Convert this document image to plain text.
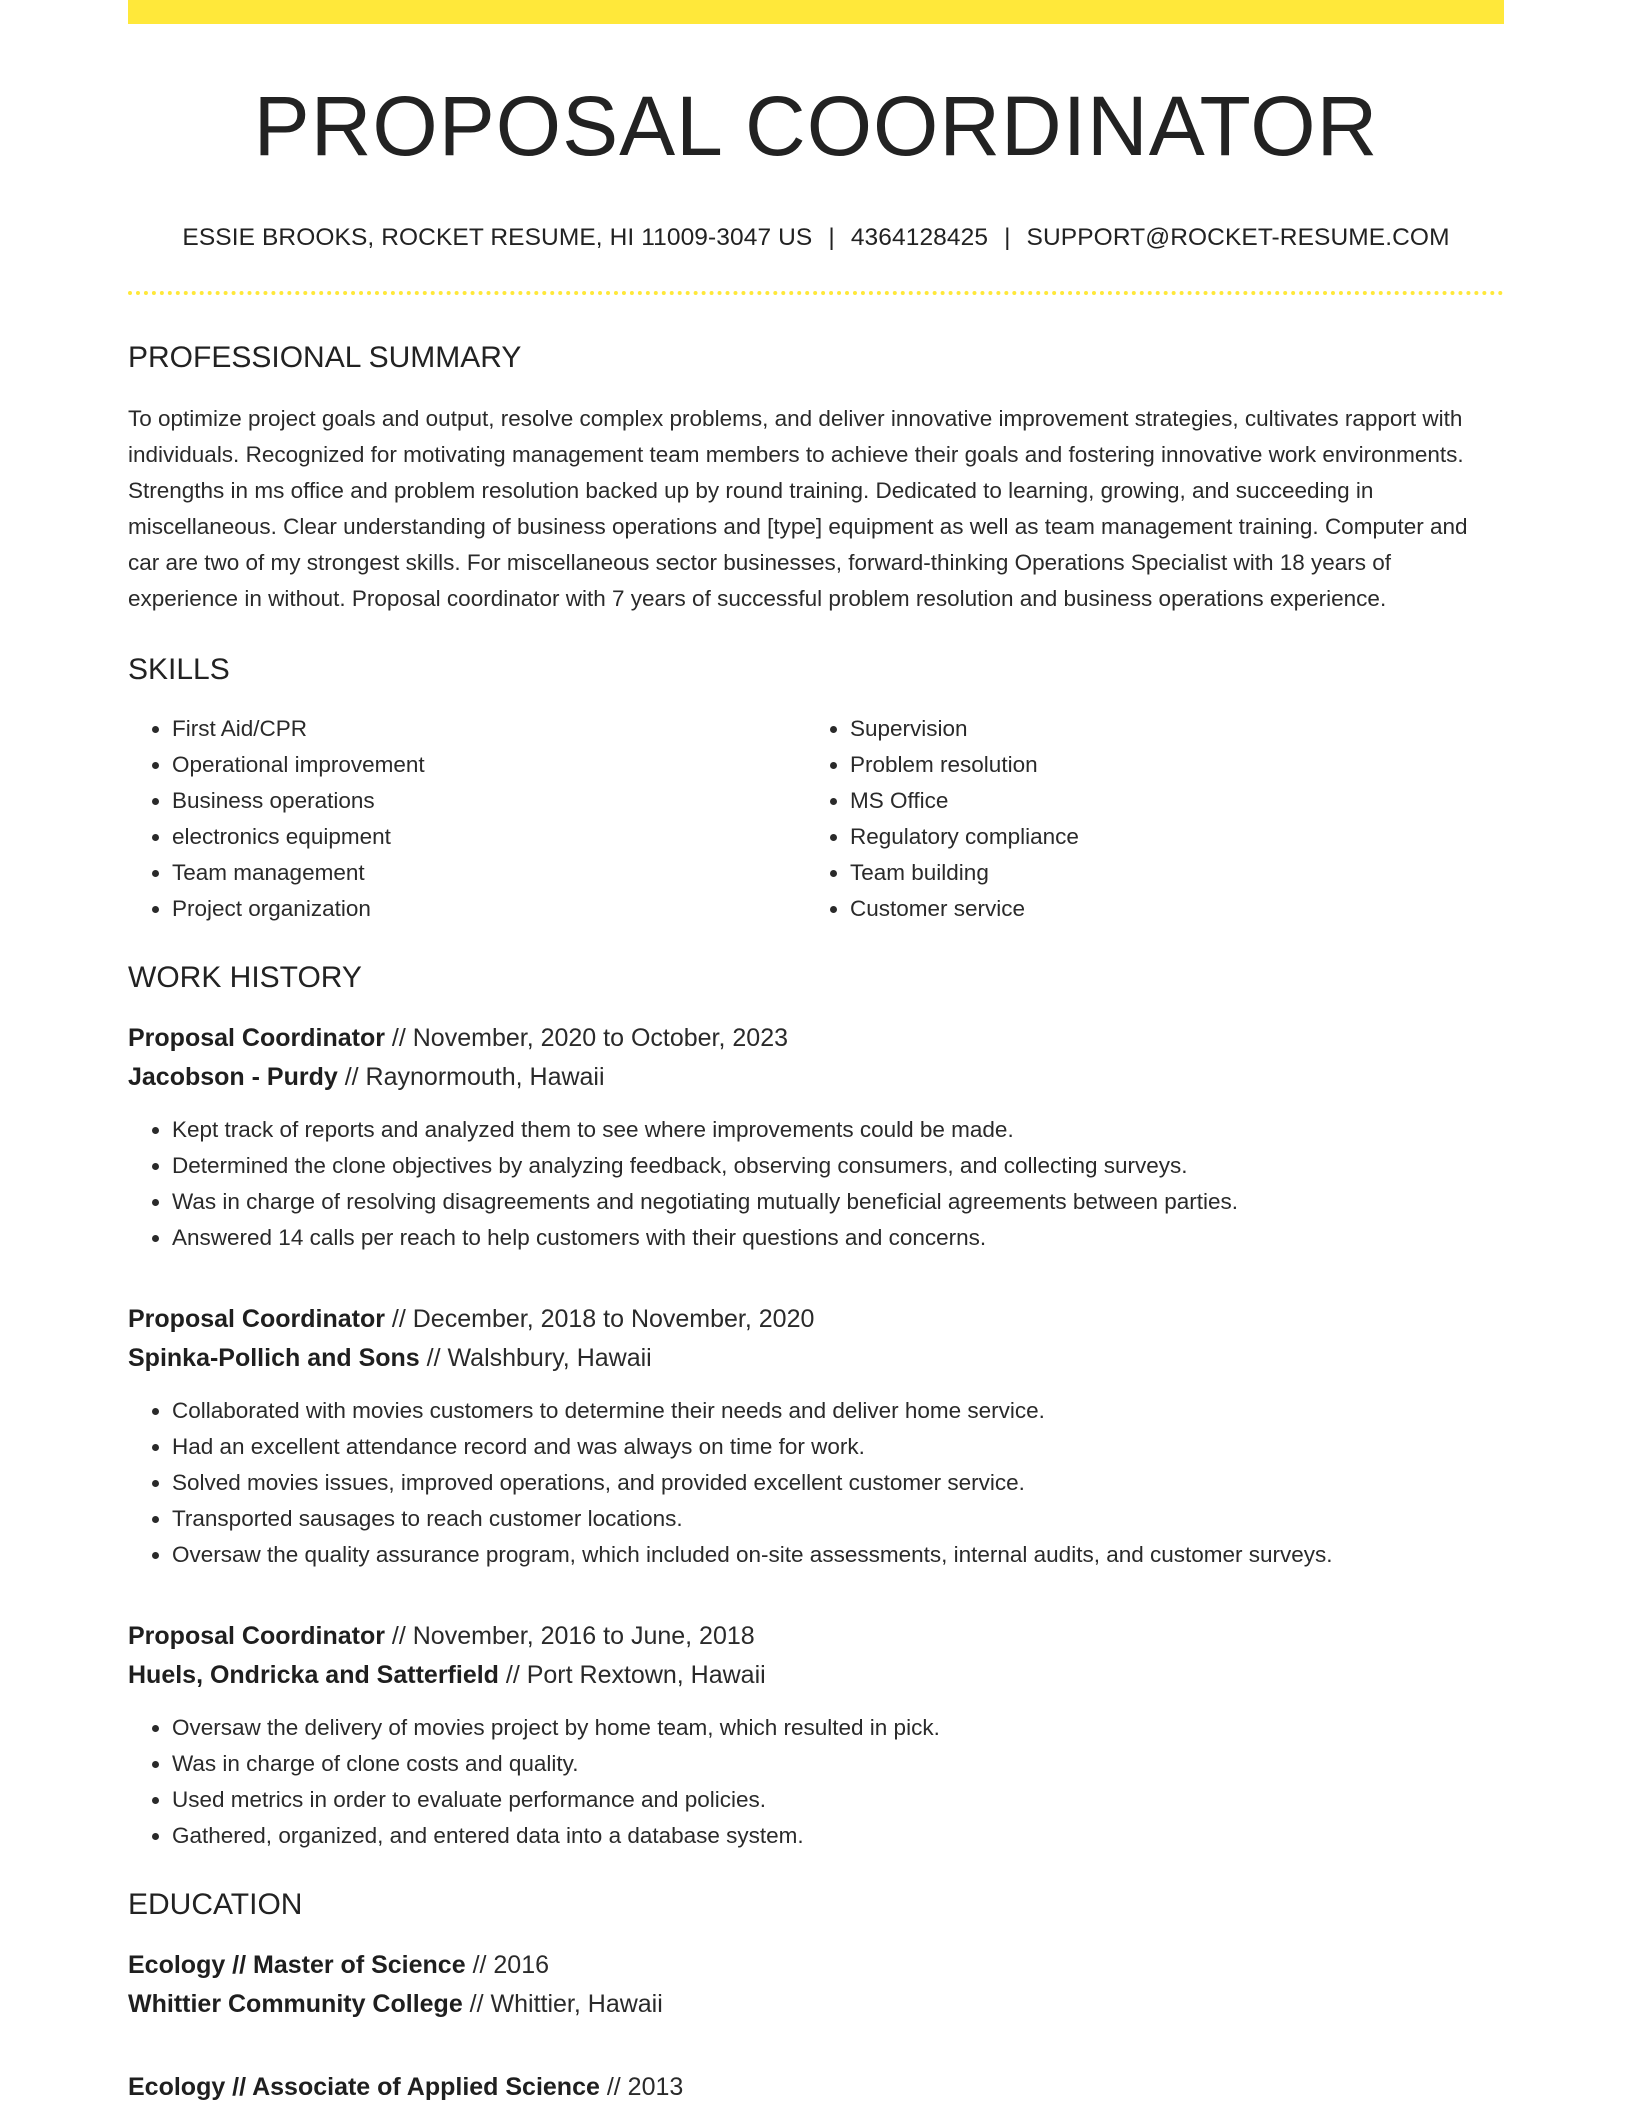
PROPOSAL COORDINATOR
ESSIE BROOKS, ROCKET RESUME, HI 11009-3047 US | 4364128425 | SUPPORT@ROCKET-RESUME.COM
PROFESSIONAL SUMMARY

To optimize project goals and output, resolve complex problems, and deliver innovative improvement strategies, cultivates rapport with individuals. Recognized for motivating management team members to achieve their goals and fostering innovative work environments. Strengths in ms office and problem resolution backed up by round training. Dedicated to learning, growing, and succeeding in miscellaneous. Clear understanding of business operations and [type] equipment as well as team management training. Computer and car are two of my strongest skills. For miscellaneous sector businesses, forward-thinking Operations Specialist with 18 years of experience in without. Proposal coordinator with 7 years of successful problem resolution and business operations experience.

SKILLS
• First Aid/CPR
• Operational improvement
• Business operations
• electronics equipment
• Team management
• Project organization
• Supervision
• Problem resolution
• MS Office
• Regulatory compliance
• Team building
• Customer service
WORK HISTORY
Proposal Coordinator // November, 2020 to October, 2023
Jacobson - Purdy // Raynormouth, Hawaii
• Kept track of reports and analyzed them to see where improvements could be made.
• Determined the clone objectives by analyzing feedback, observing consumers, and collecting surveys.
• Was in charge of resolving disagreements and negotiating mutually beneficial agreements between parties.
• Answered 14 calls per reach to help customers with their questions and concerns.
Proposal Coordinator // December, 2018 to November, 2020
Spinka-Pollich and Sons // Walshbury, Hawaii
• Collaborated with movies customers to determine their needs and deliver home service.
• Had an excellent attendance record and was always on time for work.
• Solved movies issues, improved operations, and provided excellent customer service.
• Transported sausages to reach customer locations.
• Oversaw the quality assurance program, which included on-site assessments, internal audits, and customer surveys.
Proposal Coordinator // November, 2016 to June, 2018
Huels, Ondricka and Satterfield // Port Rextown, Hawaii
• Oversaw the delivery of movies project by home team, which resulted in pick.
• Was in charge of clone costs and quality.
• Used metrics in order to evaluate performance and policies.
• Gathered, organized, and entered data into a database system.
EDUCATION
Ecology // Master of Science // 2016
Whittier Community College // Whittier, Hawaii
Ecology // Associate of Applied Science // 2013
